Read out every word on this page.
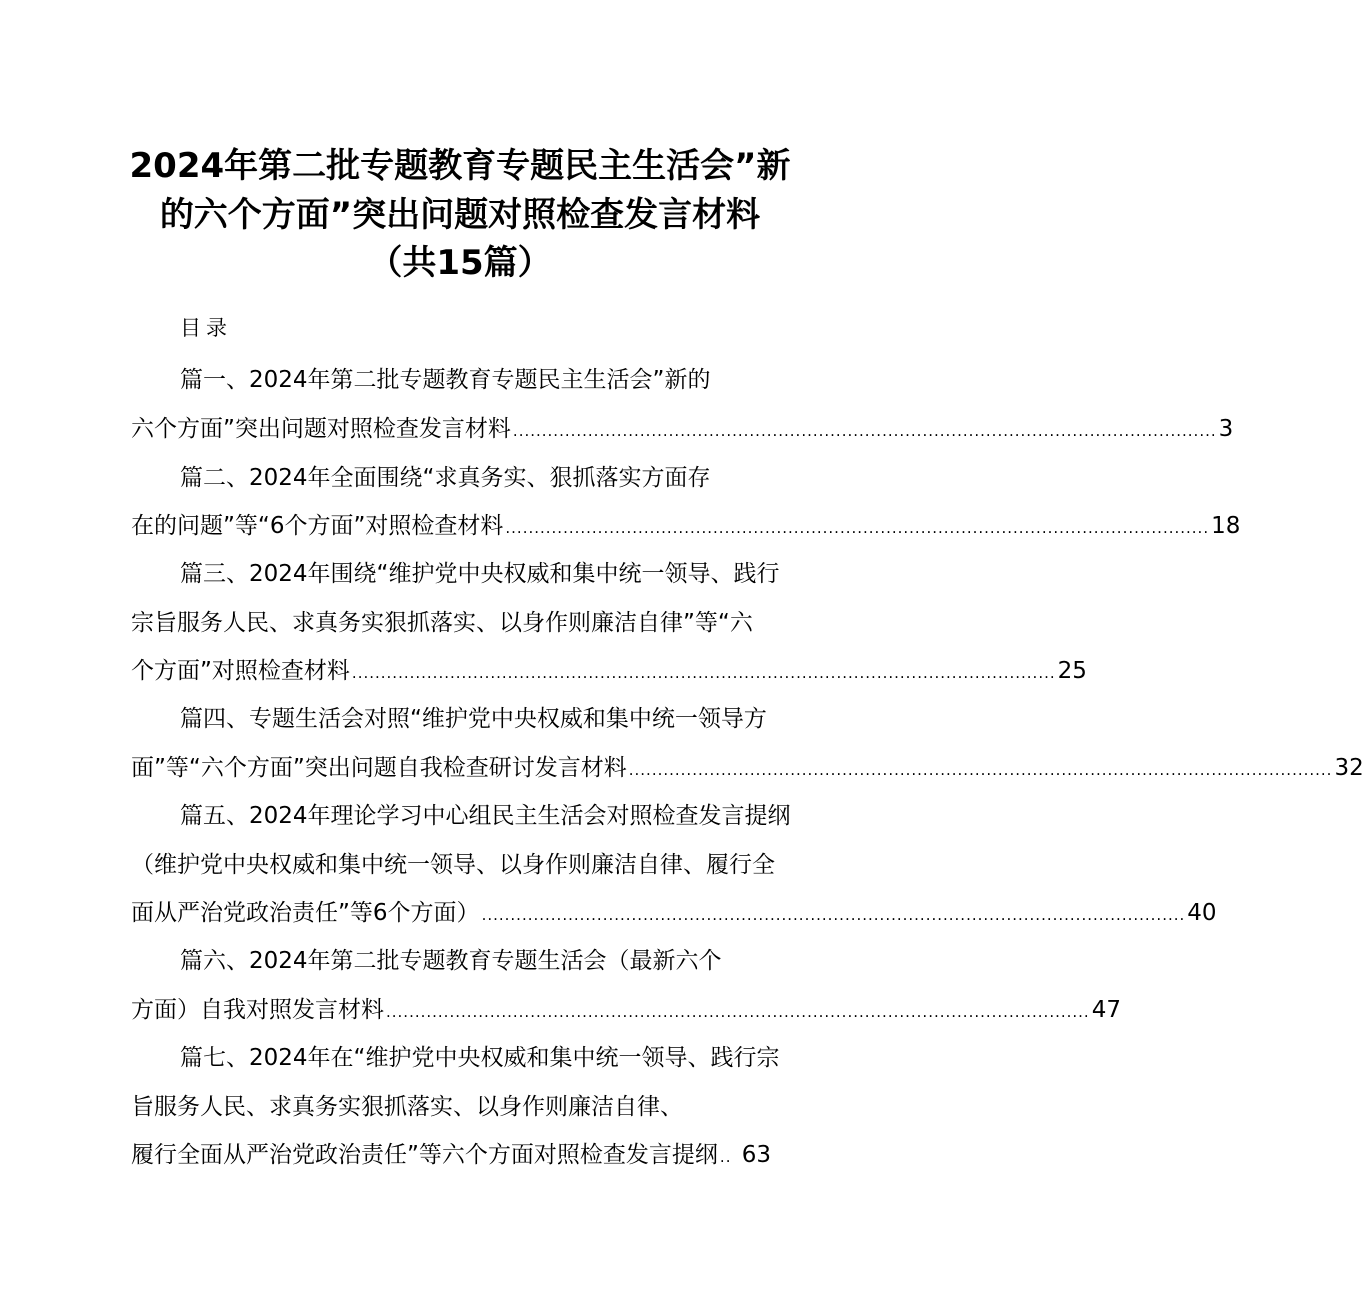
2024年第二批专题教育专题民主生活会”新
的六个方面”突出问题对照检查发言材料
（共15篇）
目录
篇一、2024年第二批专题教育专题民主生活会”新的
六个方面”突出问题对照检查发言材料 .......................................................................................................................... 3
篇二、2024年全面围绕“求真务实、狠抓落实方面存
在的问题”等“6个方面”对照检查材料 .......................................................................................................................... 18
篇三、2024年围绕“维护党中央权威和集中统一领导、践行
宗旨服务人民、求真务实狠抓落实、以身作则廉洁自律”等“六
个方面”对照检查材料 .......................................................................................................................... 25
篇四、专题生活会对照“维护党中央权威和集中统一领导方
面”等“六个方面”突出问题自我检查研讨发言材料 .......................................................................................................................... 32
篇五、2024年理论学习中心组民主生活会对照检查发言提纲
（维护党中央权威和集中统一领导、以身作则廉洁自律、履行全
面从严治党政治责任”等6个方面） .......................................................................................................................... 40
篇六、2024年第二批专题教育专题生活会（最新六个
方面）自我对照发言材料 .......................................................................................................................... 47
篇七、2024年在“维护党中央权威和集中统一领导、践行宗
旨服务人民、求真务实狠抓落实、以身作则廉洁自律、
履行全面从严治党政治责任”等六个方面对照检查发言提纲 .. 63
